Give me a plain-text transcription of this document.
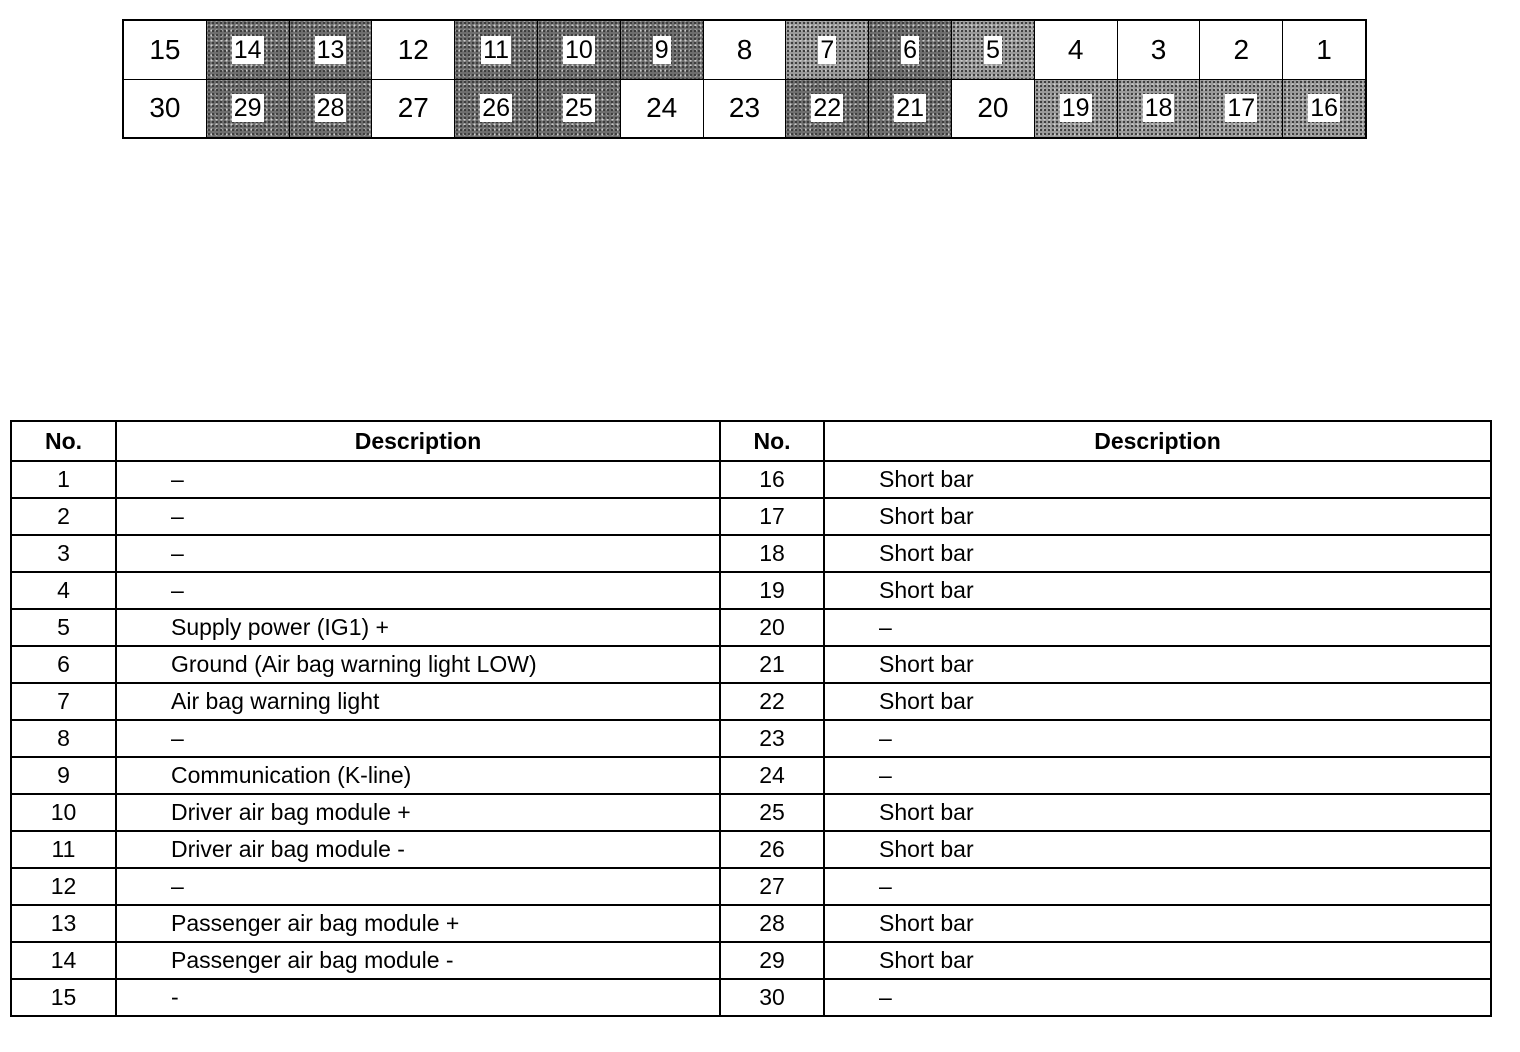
15 14 13 12 11 10 9 8	7	6	5 4 3 2 1
30 29 28 27 26 25 24 23 22 21 20 19 18 17 16
No.	Description	No.	Description
1	–	16	Short bar
2	–	17	Short bar
3	–	18	Short bar
4	–	19	Short bar
5	Supply power (IG1) +	20	–
6	Ground (Air bag warning light LOW)	21	Short bar
7	Air bag warning light	22	Short bar
8	–	23	–
9	Communication (K-line)	24	–
10	Driver air bag module +	25	Short bar
11	Driver air bag module -	26	Short bar
12	–	27	–
13	Passenger air bag module +	28	Short bar
14	Passenger air bag module -	29	Short bar
15	-	30	–
